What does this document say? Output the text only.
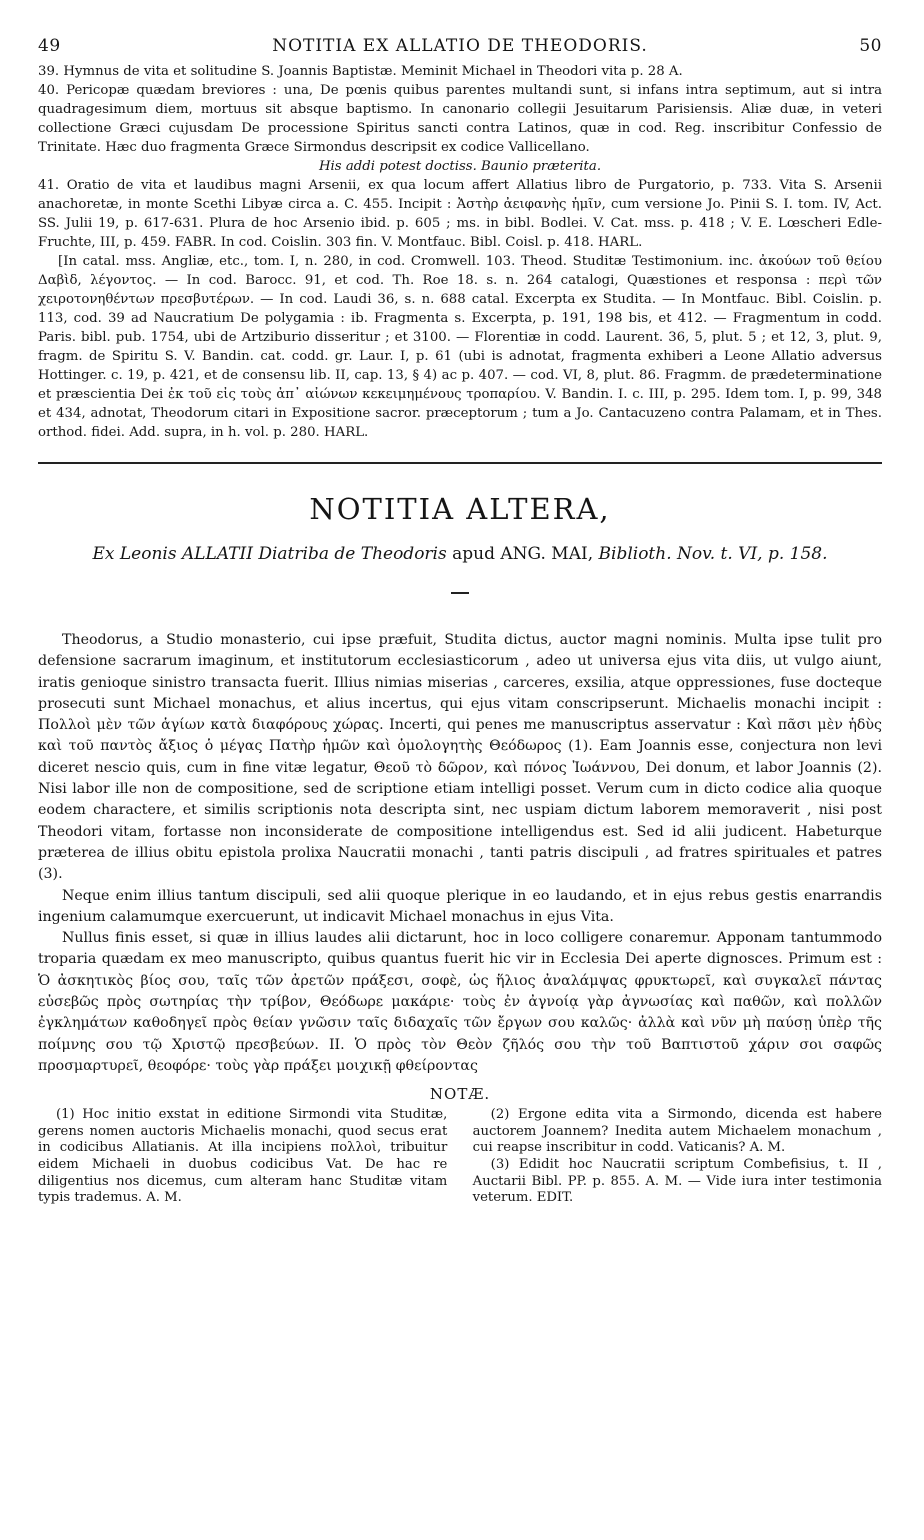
49	NOTITIA EX ALLATIO DE THEODORIS.	50

39. Hymnus de vita et solitudine S. Joannis Baptistæ. Meminit Michael in Theodori vita p. 28 A.

40. Pericopæ quædam breviores : una, De pœnis quibus parentes multandi sunt, si infans intra septimum, aut si intra quadragesimum diem, mortuus sit absque baptismo. In canonario collegii Jesuitarum Parisiensis. Aliæ duæ, in veteri collectione Græci cujusdam De processione Spiritus sancti contra Latinos, quæ in cod. Reg. inscribitur Confessio de Trinitate. Hæc duo fragmenta Græce Sirmondus descripsit ex codice Vallicellano.

His addi potest doctiss. Baunio præterita.

41. Oratio de vita et laudibus magni Arsenii, ex qua locum affert Allatius libro de Purgatorio, p. 733. Vita S. Arsenii anachoretæ, in monte Scethi Libyæ circa a. C. 455. Incipit : Ἀστὴρ ἀειφανὴς ἡμῖν, cum versione Jo. Pinii S. I. tom. IV, Act. SS. Julii 19, p. 617-631. Plura de hoc Arsenio ibid. p. 605 ; ms. in bibl. Bodlei. V. Cat. mss. p. 418 ; V. E. Lœscheri Edle-Fruchte, III, p. 459. FABR. In cod. Coislin. 303 fin. V. Montfauc. Bibl. Coisl. p. 418. HARL.

[In catal. mss. Angliæ, etc., tom. I, n. 280, in cod. Cromwell. 103. Theod. Studitæ Testimonium. inc. ἀκούων τοῦ θείου Δαβὶδ, λέγοντος. — In cod. Barocc. 91, et cod. Th. Roe 18. s. n. 264 catalogi, Quæstiones et responsa : περὶ τῶν χειροτονηθέντων πρεσβυτέρων. — In cod. Laudi 36, s. n. 688 catal. Excerpta ex Studita. — In Montfauc. Bibl. Coislin. p. 113, cod. 39 ad Naucratium De polygamia : ib. Fragmenta s. Excerpta, p. 191, 198 bis, et 412. — Fragmentum in codd. Paris. bibl. pub. 1754, ubi de Artziburio disseritur ; et 3100. — Florentiæ in codd. Laurent. 36, 5, plut. 5 ; et 12, 3, plut. 9, fragm. de Spiritu S. V. Bandin. cat. codd. gr. Laur. I, p. 61 (ubi is adnotat, fragmenta exhiberi a Leone Allatio adversus Hottinger. c. 19, p. 421, et de consensu lib. II, cap. 13, § 4) ac p. 407. — cod. VI, 8, plut. 86. Fragmm. de prædeterminatione et præscientia Dei ἐκ τοῦ εἰς τοὺς ἀπ᾽ αἰώνων κεκειμημένους τροπαρίου. V. Bandin. I. c. III, p. 295. Idem tom. I, p. 99, 348 et 434, adnotat, Theodorum citari in Expositione sacror. præceptorum ; tum a Jo. Cantacuzeno contra Palamam, et in Thes. orthod. fidei. Add. supra, in h. vol. p. 280. HARL.

NOTITIA ALTERA,
Ex Leonis ALLATII Diatriba de Theodoris apud ANG. MAI, Biblioth. Nov. t. VI, p. 158.

Theodorus, a Studio monasterio, cui ipse præfuit, Studita dictus, auctor magni nominis. Multa ipse tulit pro defensione sacrarum imaginum, et institutorum ecclesiasticorum , adeo ut universa ejus vita diis, ut vulgo aiunt, iratis genioque sinistro transacta fuerit. Illius nimias miserias , carceres, exsilia, atque oppressiones, fuse docteque prosecuti sunt Michael monachus, et alius incertus, qui ejus vitam conscripserunt. Michaelis monachi incipit : Πολλοὶ μὲν τῶν ἁγίων κατὰ διαφόρους χώρας. Incerti, qui penes me manuscriptus asservatur : Καὶ πᾶσι μὲν ἡδὺς καὶ τοῦ παντὸς ἄξιος ὁ μέγας Πατὴρ ἡμῶν καὶ ὁμολογητὴς Θεόδωρος (1). Eam Joannis esse, conjectura non levi diceret nescio quis, cum in fine vitæ legatur, Θεοῦ τὸ δῶρον, καὶ πόνος Ἰωάννου, Dei donum, et labor Joannis (2). Nisi labor ille non de compositione, sed de scriptione etiam intelligi posset. Verum cum in dicto codice alia quoque eodem charactere, et similis scriptionis nota descripta sint, nec uspiam dictum laborem memoraverit , nisi post Theodori vitam, fortasse non inconsiderate de compositione intelligendus est. Sed id alii judicent. Habeturque præterea de illius obitu epistola prolixa Naucratii monachi , tanti patris discipuli , ad fratres spirituales et patres (3).

Neque enim illius tantum discipuli, sed alii quoque plerique in eo laudando, et in ejus rebus gestis enarrandis ingenium calamumque exercuerunt, ut indicavit Michael monachus in ejus Vita.

Nullus finis esset, si quæ in illius laudes alii dictarunt, hoc in loco colligere conaremur. Apponam tantummodo troparia quædam ex meo manuscripto, quibus quantus fuerit hic vir in Ecclesia Dei aperte dignosces. Primum est : Ὁ ἀσκητικὸς βίος σου, ταῖς τῶν ἀρετῶν πράξεσι, σοφὲ, ὡς ἥλιος ἀναλάμψας φρυκτωρεῖ, καὶ συγκαλεῖ πάντας εὐσεβῶς πρὸς σωτηρίας τὴν τρίβον, Θεόδωρε μακάριε· τοὺς ἐν ἀγνοίᾳ γὰρ ἀγνωσίας καὶ παθῶν, καὶ πολλῶν ἐγκλημάτων καθοδηγεῖ πρὸς θείαν γνῶσιν ταῖς διδαχαῖς τῶν ἔργων σου καλῶς· ἀλλὰ καὶ νῦν μὴ παύσῃ ὑπὲρ τῆς ποίμνης σου τῷ Χριστῷ πρεσβεύων. II. Ὁ πρὸς τὸν Θεὸν ζῆλός σου τὴν τοῦ Βαπτιστοῦ χάριν σοι σαφῶς προσμαρτυρεῖ, θεοφόρε· τοὺς γὰρ πράξει μοιχικῇ φθείροντας

NOTÆ.

(1) Hoc initio exstat in editione Sirmondi vita Studitæ, gerens nomen auctoris Michaelis monachi, quod secus erat in codicibus Allatianis. At illa incipiens πολλοὶ, tribuitur eidem Michaeli in duobus codicibus Vat. De hac re diligentius nos dicemus, cum alteram hanc Studitæ vitam typis trademus. A. M.

(2) Ergone edita vita a Sirmondo, dicenda est habere auctorem Joannem? Inedita autem Michaelem monachum , cui reapse inscribitur in codd. Vaticanis? A. M.

(3) Edidit hoc Naucratii scriptum Combefisius, t. II , Auctarii Bibl. PP. p. 855. A. M. — Vide iura inter testimonia veterum. EDIT.
